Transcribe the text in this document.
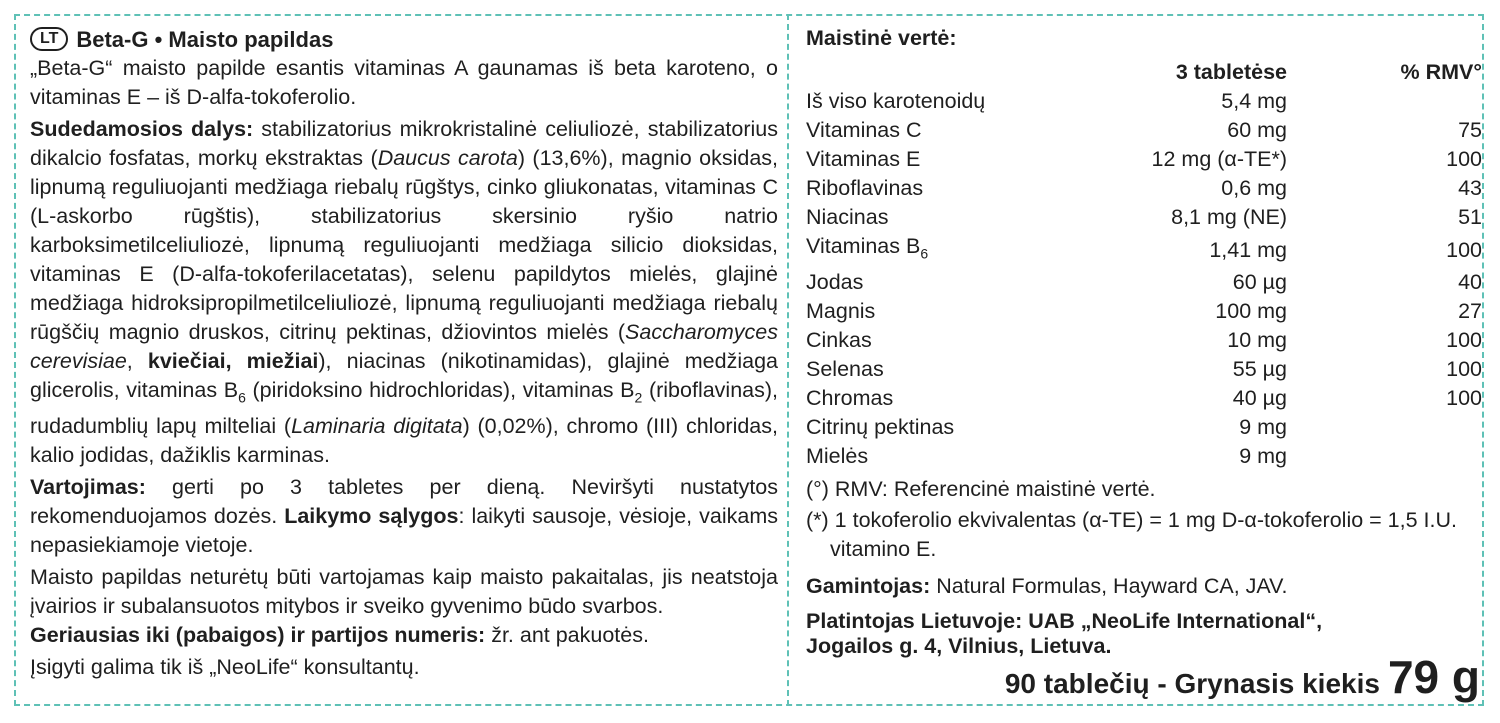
LT Beta-G • Maisto papildas

„Beta-G“ maisto papilde esantis vitaminas A gaunamas iš beta karoteno, o vitaminas E – iš D-alfa-tokoferolio.

Sudedamosios dalys: stabilizatorius mikrokristalinė celiuliozė, stabilizatorius dikalcio fosfatas, morkų ekstraktas (Daucus carota) (13,6%), magnio oksidas, lipnumą reguliuojanti medžiaga riebalų rūgštys, cinko gliukonatas, vitaminas C (L-askorbo rūgštis), stabilizatorius skersinio ryšio natrio karboksimetilceliuliozė, lipnumą reguliuojanti medžiaga silicio dioksidas, vitaminas E (D-alfa-tokoferilacetatas), selenu papildytos mielės, glajinė medžiaga hidroksipropilmetilceliuliozė, lipnumą reguliuojanti medžiaga riebalų rūgščių magnio druskos, citrinų pektinas, džiovintos mielės (Saccharomyces cerevisiae, kviečiai, miežiai), niacinas (nikotinamidas), glajinė medžiaga glicerolis, vitaminas $B_6$ (piridoksino hidrochloridas), vitaminas $B_2$ (riboflavinas), rudadumblių lapų milteliai (Laminaria digitata) (0,02%), chromo (III) chloridas, kalio jodidas, dažiklis karminas.

Vartojimas: gerti po 3 tabletes per dieną. Neviršyti nustatytos rekomenduojamos dozės. Laikymo sąlygos: laikyti sausoje, vėsioje, vaikams nepasiekiamoje vietoje.

Maisto papildas neturėtų būti vartojamas kaip maisto pakaitalas, jis neatstoja įvairios ir subalansuotos mitybos ir sveiko gyvenimo būdo svarbos.

Geriausias iki (pabaigos) ir partijos numeris: žr. ant pakuotės.

Įsigyti galima tik iš „NeoLife“ konsultantų.

Maistinė vertė:
	3 tabletėse	% RMV°
Iš viso karotenoidų	5,4 mg	
Vitaminas C	60 mg	75
Vitaminas E	12 mg (α-TE*)	100
Riboflavinas	0,6 mg	43
Niacinas	8,1 mg (NE)	51
Vitaminas $B_6$	1,41 mg	100
Jodas	60 µg	40
Magnis	100 mg	27
Cinkas	10 mg	100
Selenas	55 µg	100
Chromas	40 µg	100
Citrinų pektinas	9 mg	
Mielės	9 mg	

(°) RMV: Referencinė maistinė vertė.

(*) 1 tokoferolio ekvivalentas (α-TE) = 1 mg D-α-tokoferolio = 1,5 I.U. vitamino E.

Gamintojas: Natural Formulas, Hayward CA, JAV.

Platintojas Lietuvoje: UAB „NeoLife International“,
Jogailos g. 4, Vilnius, Lietuva.
90 tablečių - Grynasis kiekis 79 g
